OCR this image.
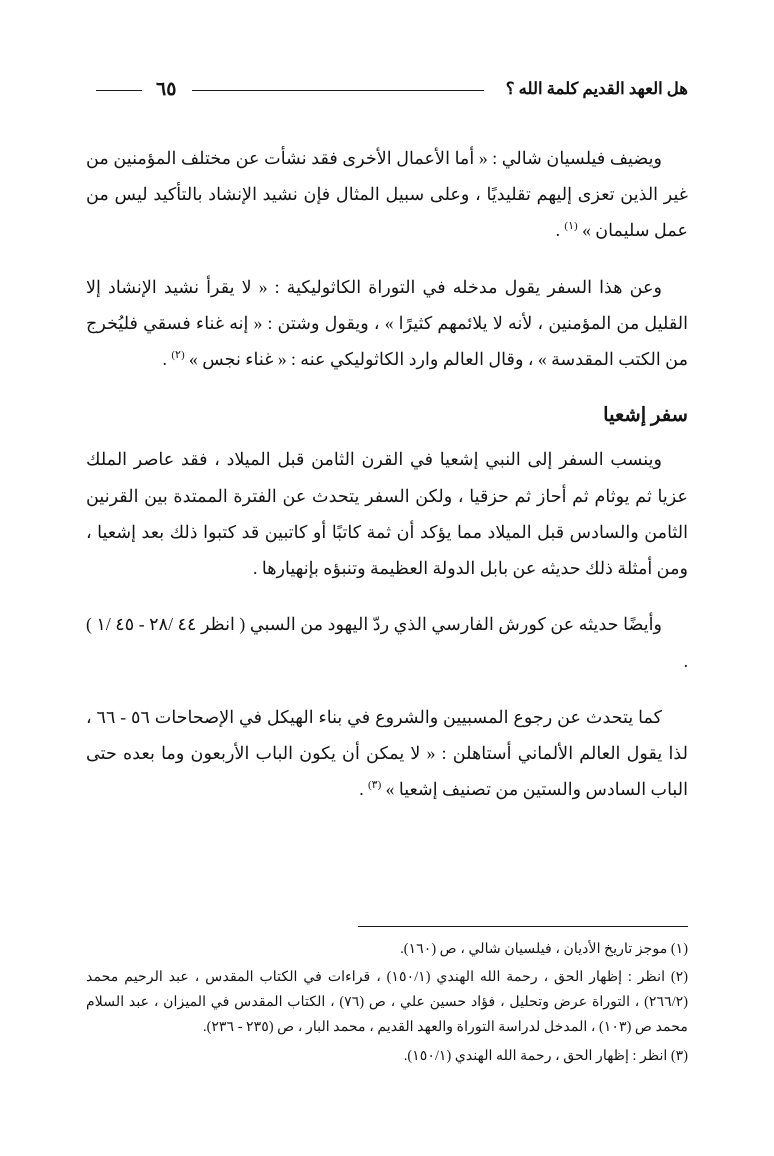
هل العهد القديم كلمة الله ؟
٦٥

ويضيف فيلسيان شالي : « أما الأعمال الأخرى فقد نشأت عن مختلف المؤمنين من غير الذين تعزى إليهم تقليديًا ، وعلى سبيل المثال فإن نشيد الإنشاد بالتأكيد ليس من عمل سليمان » $^{(١)}$ .

وعن هذا السفر يقول مدخله في التوراة الكاثوليكية : « لا يقرأ نشيد الإنشاد إلا القليل من المؤمنين ، لأنه لا يلائمهم كثيرًا » ، ويقول وشتن : « إنه غناء فسقي فليُخرج من الكتب المقدسة » ، وقال العالم وارد الكاثوليكي عنه : « غناء نجس » $^{(٢)}$ .

سفر إشعيا

وينسب السفر إلى النبي إشعيا في القرن الثامن قبل الميلاد ، فقد عاصر الملك عزيا ثم يوثام ثم أحاز ثم حزقيا ، ولكن السفر يتحدث عن الفترة الممتدة بين القرنين الثامن والسادس قبل الميلاد مما يؤكد أن ثمة كاتبًا أو كاتبين قد كتبوا ذلك بعد إشعيا ، ومن أمثلة ذلك حديثه عن بابل الدولة العظيمة وتنبؤه بإنهيارها .

وأيضًا حديثه عن كورش الفارسي الذي ردّ اليهود من السبي ( انظر ٤٤ /٢٨ - ٤٥ /١ ) .

كما يتحدث عن رجوع المسبيين والشروع في بناء الهيكل في الإصحاحات ٥٦ - ٦٦ ، لذا يقول العالم الألماني أستاهلن : « لا يمكن أن يكون الباب الأربعون وما بعده حتى الباب السادس والستين من تصنيف إشعيا » $^{(٣)}$ .

(١) موجز تاريخ الأديان ، فيلسيان شالي ، ص (١٦٠).

(٢) انظر : إظهار الحق ، رحمة الله الهندي (١٥٠/١) ، قراءات في الكتاب المقدس ، عبد الرحيم محمد (٢٦٦/٢) ، التوراة عرض وتحليل ، فؤاد حسين علي ، ص (٧٦) ، الكتاب المقدس في الميزان ، عبد السلام محمد ص (١٠٣) ، المدخل لدراسة التوراة والعهد القديم ، محمد البار ، ص (٢٣٥ - ٢٣٦).

(٣) انظر : إظهار الحق ، رحمة الله الهندي (١٥٠/١).
